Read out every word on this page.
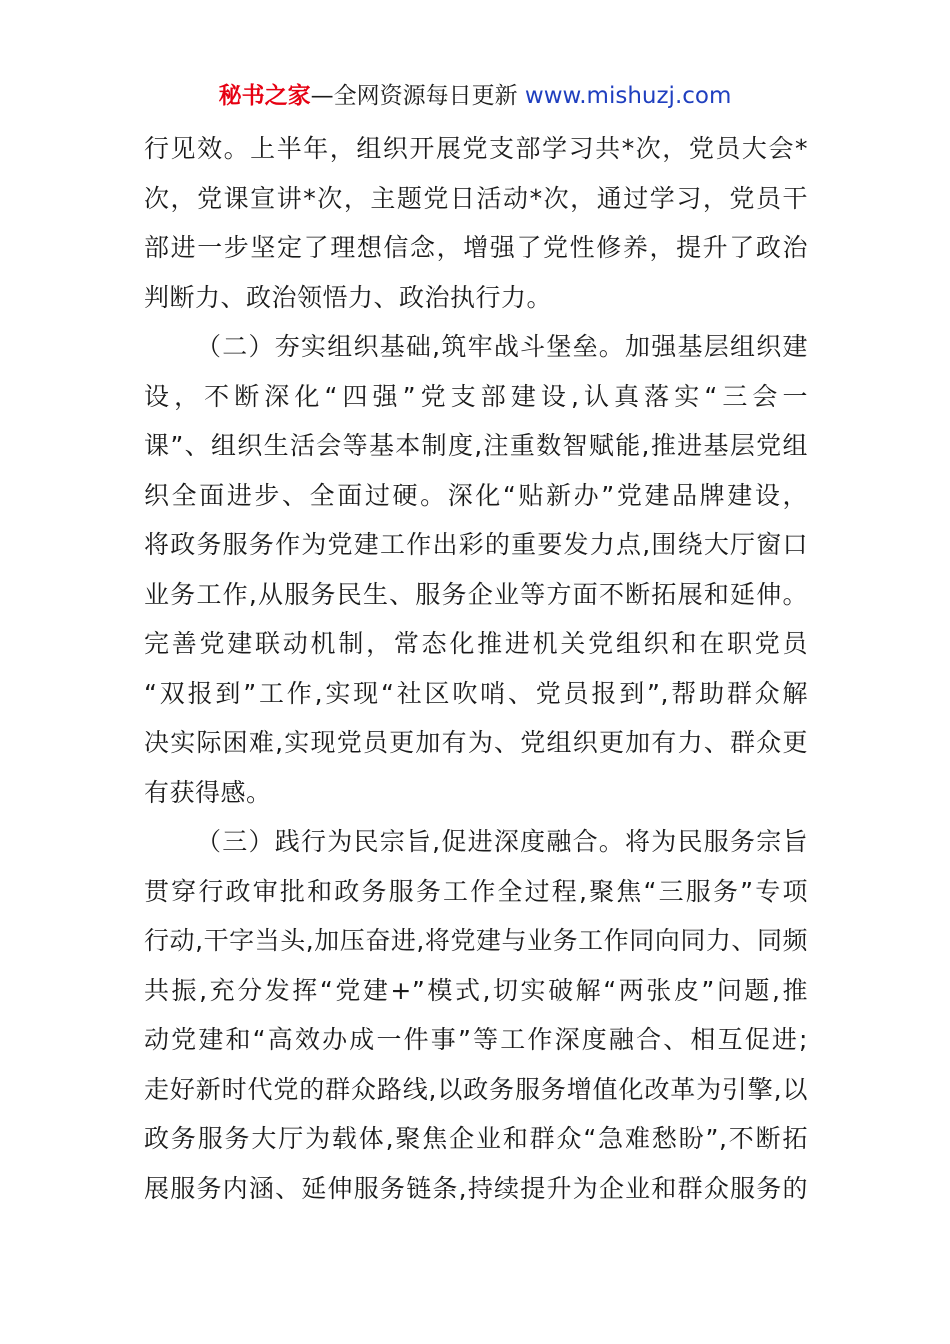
秘书之家—全网资源每日更新 www.mishuzj.com
行见效。上半年，组织开展党支部学习共*次，党员大会*
次，党课宣讲*次，主题党日活动*次，通过学习，党员干
部进一步坚定了理想信念，增强了党性修养，提升了政治
判断力、政治领悟力、政治执行力。
（二）夯实组织基础,筑牢战斗堡垒。加强基层组织建
设，不断深化“四强”党支部建设,认真落实“三会一
课”、组织生活会等基本制度,注重数智赋能,推进基层党组
织全面进步、全面过硬。深化“贴新办”党建品牌建设，
将政务服务作为党建工作出彩的重要发力点,围绕大厅窗口
业务工作,从服务民生、服务企业等方面不断拓展和延伸。
完善党建联动机制，常态化推进机关党组织和在职党员
“双报到”工作,实现“社区吹哨、党员报到”,帮助群众解
决实际困难,实现党员更加有为、党组织更加有力、群众更
有获得感。
（三）践行为民宗旨,促进深度融合。将为民服务宗旨
贯穿行政审批和政务服务工作全过程,聚焦“三服务”专项
行动,干字当头,加压奋进,将党建与业务工作同向同力、同频
共振,充分发挥“党建+”模式,切实破解“两张皮”问题,推
动党建和“高效办成一件事”等工作深度融合、相互促进;
走好新时代党的群众路线,以政务服务增值化改革为引擎,以
政务服务大厅为载体,聚焦企业和群众“急难愁盼”,不断拓
展服务内涵、延伸服务链条,持续提升为企业和群众服务的
